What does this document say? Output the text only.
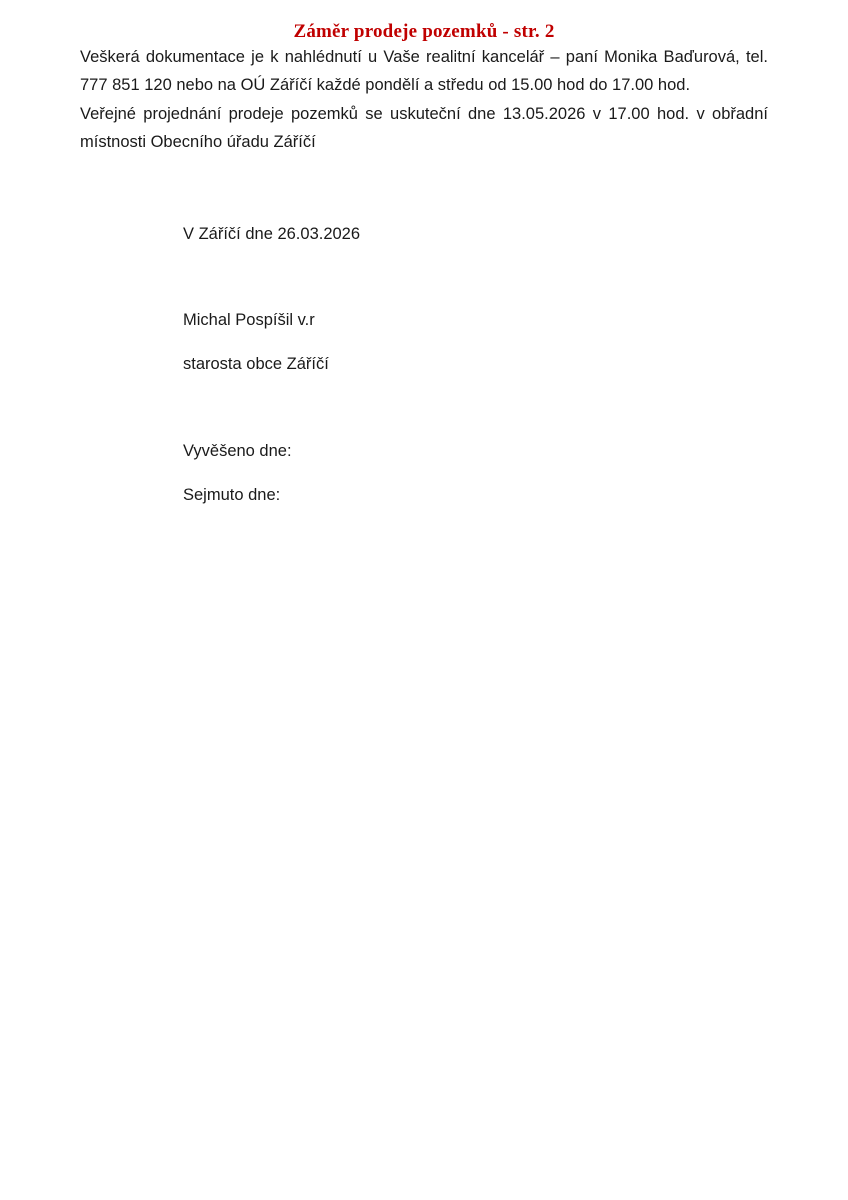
Záměr prodeje pozemků - str. 2

Veškerá dokumentace je k nahlédnutí u Vaše realitní kancelář – paní Monika Baďurová, tel. 777 851 120 nebo na OÚ Záříčí každé pondělí a středu od 15.00 hod do 17.00 hod.

Veřejné projednání prodeje pozemků se uskuteční dne 13.05.2026 v 17.00 hod. v obřadní místnosti Obecního úřadu Záříčí

V Záříčí dne 26.03.2026

Michal Pospíšil v.r

starosta obce Záříčí

Vyvěšeno dne:

Sejmuto dne:
